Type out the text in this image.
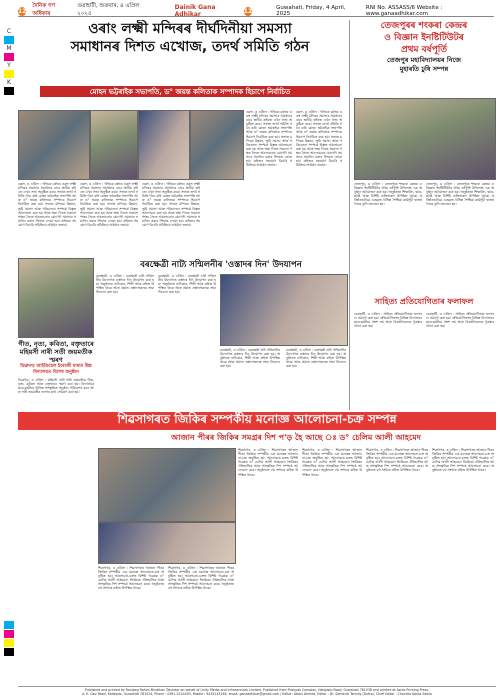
C
M
Y
K
12
দৈনিক গণ অধিকাৰ
গুৱাহাটী, শুক্ৰবাৰ, ৪ এপ্ৰিল ২০২৫
Dainik Gana Adhikar	12	Guwahati, Friday, 4 April, 2025
RNI No. ASSASS/6 Website : www.ganaadhikar.com
ওৰাং লক্ষ্মী মন্দিৰৰ দীৰ্ঘদিনীয়া সমস্যা
সমাধানৰ দিশত এখোজ, তদৰ্থ সমিতি গঠন
মোহন ভট্টৰাইক সভাপতি, ড° জয়ন্ত কলিতাক সম্পাদক হিচাপে নিৰ্বাচিত
ওৰাং, ৩ এপ্ৰিল : গতিকে বৰ্ষভৰ ওৰাং লক্ষ্মী মন্দিৰৰ সমস্যাৰ সমাধানৰ বাবে স্থানীয় ৰাইজে এখন সভা অনুষ্ঠিত কৰে। সভাত তদৰ্থ সমিতি গঠন কৰি মোহন ভট্টৰাইক সভাপতি আৰু ড° জয়ন্ত কলিতাক সম্পাদক হিচাপে নিৰ্বাচিত কৰা হয়। সভাত মন্দিৰৰ উন্নয়ন, ভূমি সমস্যা আৰু পৰিচালনা সম্পৰ্কে বিস্তৃত আলোচনা কৰা হয় আৰু অহা দিনত সকলো পক্ষৰ সৈতে আলোচনাৰ যোগেদি সমস্যাৰ সমাধান কৰাৰ সিদ্ধান্ত লোৱা হয়। ৰাইজৰ সহযোগ বিচাৰি সমিতিয়ে আহ্বান জনায়।
ওৰাং, ৩ এপ্ৰিল : গতিকে বৰ্ষভৰ ওৰাং লক্ষ্মী মন্দিৰৰ সমস্যাৰ সমাধানৰ বাবে স্থানীয় ৰাইজে এখন সভা অনুষ্ঠিত কৰে। সভাত তদৰ্থ সমিতি গঠন কৰি মোহন ভট্টৰাইক সভাপতি আৰু ড° জয়ন্ত কলিতাক সম্পাদক হিচাপে নিৰ্বাচিত কৰা হয়। সভাত মন্দিৰৰ উন্নয়ন, ভূমি সমস্যা আৰু পৰিচালনা সম্পৰ্কে বিস্তৃত আলোচনা কৰা হয় আৰু অহা দিনত সকলো পক্ষৰ সৈতে আলোচনাৰ যোগেদি সমস্যাৰ সমাধান কৰাৰ সিদ্ধান্ত লোৱা হয়। ৰাইজৰ সহযোগ বিচাৰি সমিতিয়ে আহ্বান জনায়।
ওৰাং, ৩ এপ্ৰিল : গতিকে বৰ্ষভৰ ওৰাং লক্ষ্মী মন্দিৰৰ সমস্যাৰ সমাধানৰ বাবে স্থানীয় ৰাইজে এখন সভা অনুষ্ঠিত কৰে। সভাত তদৰ্থ সমিতি গঠন কৰি মোহন ভট্টৰাইক সভাপতি আৰু ড° জয়ন্ত কলিতাক সম্পাদক হিচাপে নিৰ্বাচিত কৰা হয়। সভাত মন্দিৰৰ উন্নয়ন, ভূমি সমস্যা আৰু পৰিচালনা সম্পৰ্কে বিস্তৃত আলোচনা কৰা হয় আৰু অহা দিনত সকলো পক্ষৰ সৈতে আলোচনাৰ যোগেদি সমস্যাৰ সমাধান কৰাৰ সিদ্ধান্ত লোৱা হয়। ৰাইজৰ সহযোগ বিচাৰি সমিতিয়ে আহ্বান জনায়।
ওৰাং, ৩ এপ্ৰিল : গতিকে বৰ্ষভৰ ওৰাং লক্ষ্মী মন্দিৰৰ সমস্যাৰ সমাধানৰ বাবে স্থানীয় ৰাইজে এখন সভা অনুষ্ঠিত কৰে। সভাত তদৰ্থ সমিতি গঠন কৰি মোহন ভট্টৰাইক সভাপতি আৰু ড° জয়ন্ত কলিতাক সম্পাদক হিচাপে নিৰ্বাচিত কৰা হয়। সভাত মন্দিৰৰ উন্নয়ন, ভূমি সমস্যা আৰু পৰিচালনা সম্পৰ্কে বিস্তৃত আলোচনা কৰা হয় আৰু অহা দিনত সকলো পক্ষৰ সৈতে আলোচনাৰ যোগেদি সমস্যাৰ সমাধান কৰাৰ সিদ্ধান্ত লোৱা হয়। ৰাইজৰ সহযোগ বিচাৰি সমিতিয়ে আহ্বান জনায়।
ওৰাং, ৩ এপ্ৰিল : গতিকে বৰ্ষভৰ ওৰাং লক্ষ্মী মন্দিৰৰ সমস্যাৰ সমাধানৰ বাবে স্থানীয় ৰাইজে এখন সভা অনুষ্ঠিত কৰে। সভাত তদৰ্থ সমিতি গঠন কৰি মোহন ভট্টৰাইক সভাপতি আৰু ড° জয়ন্ত কলিতাক সম্পাদক হিচাপে নিৰ্বাচিত কৰা হয়। সভাত মন্দিৰৰ উন্নয়ন, ভূমি সমস্যা আৰু পৰিচালনা সম্পৰ্কে বিস্তৃত আলোচনা কৰা হয় আৰু অহা দিনত সকলো পক্ষৰ সৈতে আলোচনাৰ যোগেদি সমস্যাৰ সমাধান কৰাৰ সিদ্ধান্ত লোৱা হয়। ৰাইজৰ সহযোগ বিচাৰি সমিতিয়ে আহ্বান জনায়।
তেজপুৰৰ শংকৰা কেন্দ্ৰৰ
ও বিজ্ঞান ইনষ্টিটিউটৰ
প্ৰথম বৰ্ষপূৰ্তি
তেজপুৰ মহাবিদ্যালয়ৰ নিজে
মুহাৰতি ঢুষি সম্পন্ন
তেজপুৰ, ৩ এপ্ৰিল : তেজপুৰৰ শংকৰা কেন্দ্ৰৰ ও বিজ্ঞান ইনষ্টিটিউটৰ প্ৰথম বৰ্ষপূৰ্তি উপলক্ষে এক অনুষ্ঠান আয়োজন কৰা হয়। অনুষ্ঠানত শিক্ষাবিদ, ছাত্ৰ-ছাত্ৰী আৰু বিশিষ্ট ব্যক্তিসকল উপস্থিত থাকে। প্ৰতিষ্ঠানটোৱে এবছৰত বিভিন্ন শৈক্ষিক কাৰ্যসূচী হাতত লৈছে বুলি জনোৱা হয়।
তেজপুৰ, ৩ এপ্ৰিল : তেজপুৰৰ শংকৰা কেন্দ্ৰৰ ও বিজ্ঞান ইনষ্টিটিউটৰ প্ৰথম বৰ্ষপূৰ্তি উপলক্ষে এক অনুষ্ঠান আয়োজন কৰা হয়। অনুষ্ঠানত শিক্ষাবিদ, ছাত্ৰ-ছাত্ৰী আৰু বিশিষ্ট ব্যক্তিসকল উপস্থিত থাকে। প্ৰতিষ্ঠানটোৱে এবছৰত বিভিন্ন শৈক্ষিক কাৰ্যসূচী হাতত লৈছে বুলি জনোৱা হয়।
সাহিত্য প্ৰতিযোগিতাৰ ফলাফল
গুৱাহাটী, ৩ এপ্ৰিল : সাহিত্য প্ৰতিযোগিতাৰ ফলাফল ঘোষণা কৰা হয়। প্ৰতিযোগিতাত বিভিন্ন বিদ্যালয়ৰ ছাত্ৰ-ছাত্ৰীয়ে অংশ লয় আৰু বিজয়ীসকলক পুৰস্কাৰ প্ৰদান কৰা হয়।
গুৱাহাটী, ৩ এপ্ৰিল : সাহিত্য প্ৰতিযোগিতাৰ ফলাফল ঘোষণা কৰা হয়। প্ৰতিযোগিতাত বিভিন্ন বিদ্যালয়ৰ ছাত্ৰ-ছাত্ৰীয়ে অংশ লয় আৰু বিজয়ীসকলক পুৰস্কাৰ প্ৰদান কৰা হয়।
বৰক্ষেত্ৰী নাট্য সন্মিলনীৰ 'ওস্তাদৰ দিন' উদযাপন
বৰক্ষেত্ৰী, ৩ এপ্ৰিল : বৰক্ষেত্ৰী নাট্য সন্মিলনীৰ উদ্যোগত ওস্তাদৰ দিন উদযাপন কৰা হয়। অনুষ্ঠানত নাট্যকাৰ, শিল্পী আৰু ৰাইজ উপস্থিত থাকে আৰু প্ৰয়াত ওস্তাদসকলক শ্ৰদ্ধা নিবেদন কৰা হয়।
বৰক্ষেত্ৰী, ৩ এপ্ৰিল : বৰক্ষেত্ৰী নাট্য সন্মিলনীৰ উদ্যোগত ওস্তাদৰ দিন উদযাপন কৰা হয়। অনুষ্ঠানত নাট্যকাৰ, শিল্পী আৰু ৰাইজ উপস্থিত থাকে আৰু প্ৰয়াত ওস্তাদসকলক শ্ৰদ্ধা নিবেদন কৰা হয়।
বৰক্ষেত্ৰী, ৩ এপ্ৰিল : বৰক্ষেত্ৰী নাট্য সন্মিলনীৰ উদ্যোগত ওস্তাদৰ দিন উদযাপন কৰা হয়। অনুষ্ঠানত নাট্যকাৰ, শিল্পী আৰু ৰাইজ উপস্থিত থাকে আৰু প্ৰয়াত ওস্তাদসকলক শ্ৰদ্ধা নিবেদন কৰা হয়।
বৰক্ষেত্ৰী, ৩ এপ্ৰিল : বৰক্ষেত্ৰী নাট্য সন্মিলনীৰ উদ্যোগত ওস্তাদৰ দিন উদযাপন কৰা হয়। অনুষ্ঠানত নাট্যকাৰ, শিল্পী আৰু ৰাইজ উপস্থিত থাকে আৰু প্ৰয়াত ওস্তাদসকলক শ্ৰদ্ধা নিবেদন কৰা হয়।
গীত, নৃত্য, কবিতা, বক্তৃতাৰে
মহিয়সী নাৰী সতী জয়মতীক স্মৰণ
ডিব্ৰুগড় আইডিয়েল ইংৰাজী মাধ্যম উচ্চ বিদ্যালয়ত বিশেষ অনুষ্ঠান
ডিব্ৰুগড়, ৩ এপ্ৰিল : মহিয়সী নাৰী সতী জয়মতীক গীত, নৃত্য, কবিতা আৰু বক্তৃতাৰে স্মৰণ কৰা হয়। বিদ্যালয়ৰ ছাত্ৰ-ছাত্ৰীয়ে বিভিন্ন সাংস্কৃতিক অনুষ্ঠান পৰিবেশন কৰে আৰু সতী জয়মতীৰ ত্যাগৰ কথা সোঁৱৰণ কৰা হয়।
শিৱসাগৰত জিকিৰ সম্পৰ্কীয় মনোজ্ঞ আলোচনা-চক্ৰ সম্পন্ন
আজান পীৰৰ জিকিৰ সমগ্ৰৰ দিশ প'ড় হৈ আছে ঃ ড° চেলিম আলী আহমেদ
শিৱসাগৰ, ৩ এপ্ৰিল : শিৱসাগৰত আজান পীৰৰ জিকিৰ সম্পৰ্কীয় এক মনোজ্ঞ আলোচনা-চক্ৰ অনুষ্ঠিত হয়। আলোচনা-চক্ৰত বিশিষ্ট গৱেষক ড° চেলিম আলী আহমেদে জিকিৰৰ ঐতিহাসিক আৰু সাংস্কৃতিক দিশ সম্পৰ্কে আলোচনা কৰে। অনুষ্ঠানত বহু সংখ্যক ৰাইজ উপস্থিত থাকে।
শিৱসাগৰ, ৩ এপ্ৰিল : শিৱসাগৰত আজান পীৰৰ জিকিৰ সম্পৰ্কীয় এক মনোজ্ঞ আলোচনা-চক্ৰ অনুষ্ঠিত হয়। আলোচনা-চক্ৰত বিশিষ্ট গৱেষক ড° চেলিম আলী আহমেদে জিকিৰৰ ঐতিহাসিক আৰু সাংস্কৃতিক দিশ সম্পৰ্কে আলোচনা কৰে। অনুষ্ঠানত বহু সংখ্যক ৰাইজ উপস্থিত থাকে।
শিৱসাগৰ, ৩ এপ্ৰিল : শিৱসাগৰত আজান পীৰৰ জিকিৰ সম্পৰ্কীয় এক মনোজ্ঞ আলোচনা-চক্ৰ অনুষ্ঠিত হয়। আলোচনা-চক্ৰত বিশিষ্ট গৱেষক ড° চেলিম আলী আহমেদে জিকিৰৰ ঐতিহাসিক আৰু সাংস্কৃতিক দিশ সম্পৰ্কে আলোচনা কৰে। অনুষ্ঠানত বহু সংখ্যক ৰাইজ উপস্থিত থাকে।
শিৱসাগৰ, ৩ এপ্ৰিল : শিৱসাগৰত আজান পীৰৰ জিকিৰ সম্পৰ্কীয় এক মনোজ্ঞ আলোচনা-চক্ৰ অনুষ্ঠিত হয়। আলোচনা-চক্ৰত বিশিষ্ট গৱেষক ড° চেলিম আলী আহমেদে জিকিৰৰ ঐতিহাসিক আৰু সাংস্কৃতিক দিশ সম্পৰ্কে আলোচনা কৰে। অনুষ্ঠানত বহু সংখ্যক ৰাইজ উপস্থিত থাকে।
শিৱসাগৰ, ৩ এপ্ৰিল : শিৱসাগৰত আজান পীৰৰ জিকিৰ সম্পৰ্কীয় এক মনোজ্ঞ আলোচনা-চক্ৰ অনুষ্ঠিত হয়। আলোচনা-চক্ৰত বিশিষ্ট গৱেষক ড° চেলিম আলী আহমেদে জিকিৰৰ ঐতিহাসিক আৰু সাংস্কৃতিক দিশ সম্পৰ্কে আলোচনা কৰে। অনুষ্ঠানত বহু সংখ্যক ৰাইজ উপস্থিত থাকে।
শিৱসাগৰ, ৩ এপ্ৰিল : শিৱসাগৰত আজান পীৰৰ জিকিৰ সম্পৰ্কীয় এক মনোজ্ঞ আলোচনা-চক্ৰ অনুষ্ঠিত হয়। আলোচনা-চক্ৰত বিশিষ্ট গৱেষক ড° চেলিম আলী আহমেদে জিকিৰৰ ঐতিহাসিক আৰু সাংস্কৃতিক দিশ সম্পৰ্কে আলোচনা কৰে। অনুষ্ঠানত বহু সংখ্যক ৰাইজ উপস্থিত থাকে।
Published and printed by Ranjeeg Rahim Bhubhan Talukdar on behalf of Unity Media and Infraservices Limited. Published from Pushpak Complex, Hatigaon Road, Guwahati 781038 and printed at Ashiq Printing Press,
A. K. Dev Road, Kalahpar, Guwahati 781024, Phone : 0361-2224493, Mobile : 9435143246, email: ganaadhikar@gmail.com / Editor: Abdul Ahmed, Editor : Dr. Sanskriti Tamuly (Dutta), Chief Editor : Chandra Kanta Saikia
